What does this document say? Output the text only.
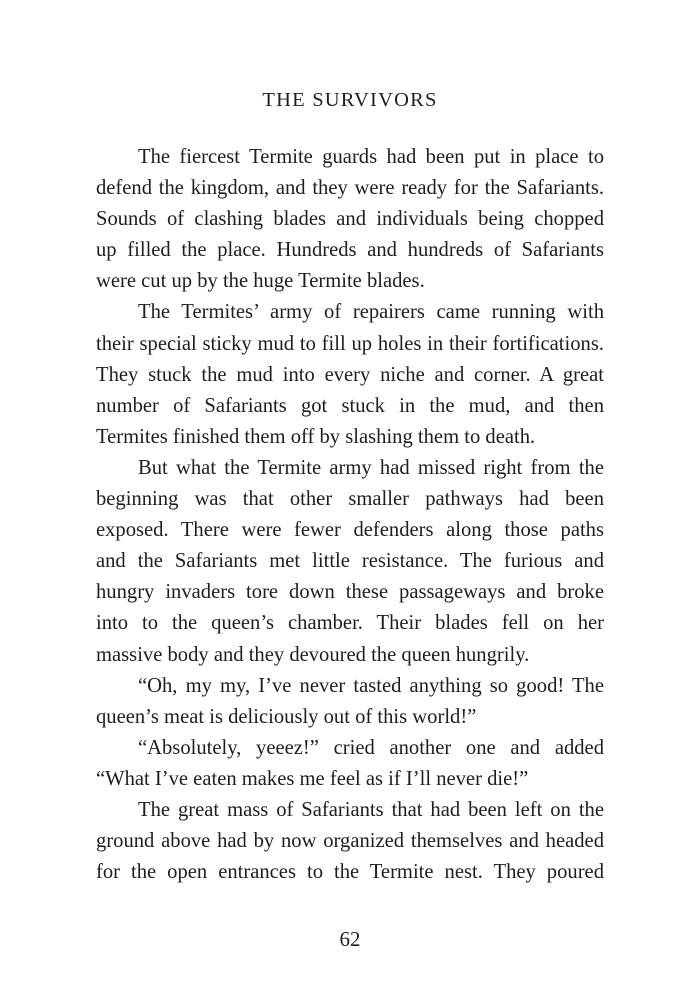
THE SURVIVORS
The fiercest Termite guards had been put in place to
defend the kingdom, and they were ready for the Safariants.
Sounds of clashing blades and individuals being chopped
up filled the place. Hundreds and hundreds of Safariants
were cut up by the huge Termite blades.
The Termites’ army of repairers came running with
their special sticky mud to fill up holes in their fortifications.
They stuck the mud into every niche and corner. A great
number of Safariants got stuck in the mud, and then
Termites finished them off by slashing them to death.
But what the Termite army had missed right from the
beginning was that other smaller pathways had been
exposed. There were fewer defenders along those paths
and the Safariants met little resistance. The furious and
hungry invaders tore down these passageways and broke
into to the queen’s chamber. Their blades fell on her
massive body and they devoured the queen hungrily.
“Oh, my my, I’ve never tasted anything so good! The
queen’s meat is deliciously out of this world!”
“Absolutely, yeeez!” cried another one and added
“What I’ve eaten makes me feel as if I’ll never die!”
The great mass of Safariants that had been left on the
ground above had by now organized themselves and headed
for the open entrances to the Termite nest. They poured
62
